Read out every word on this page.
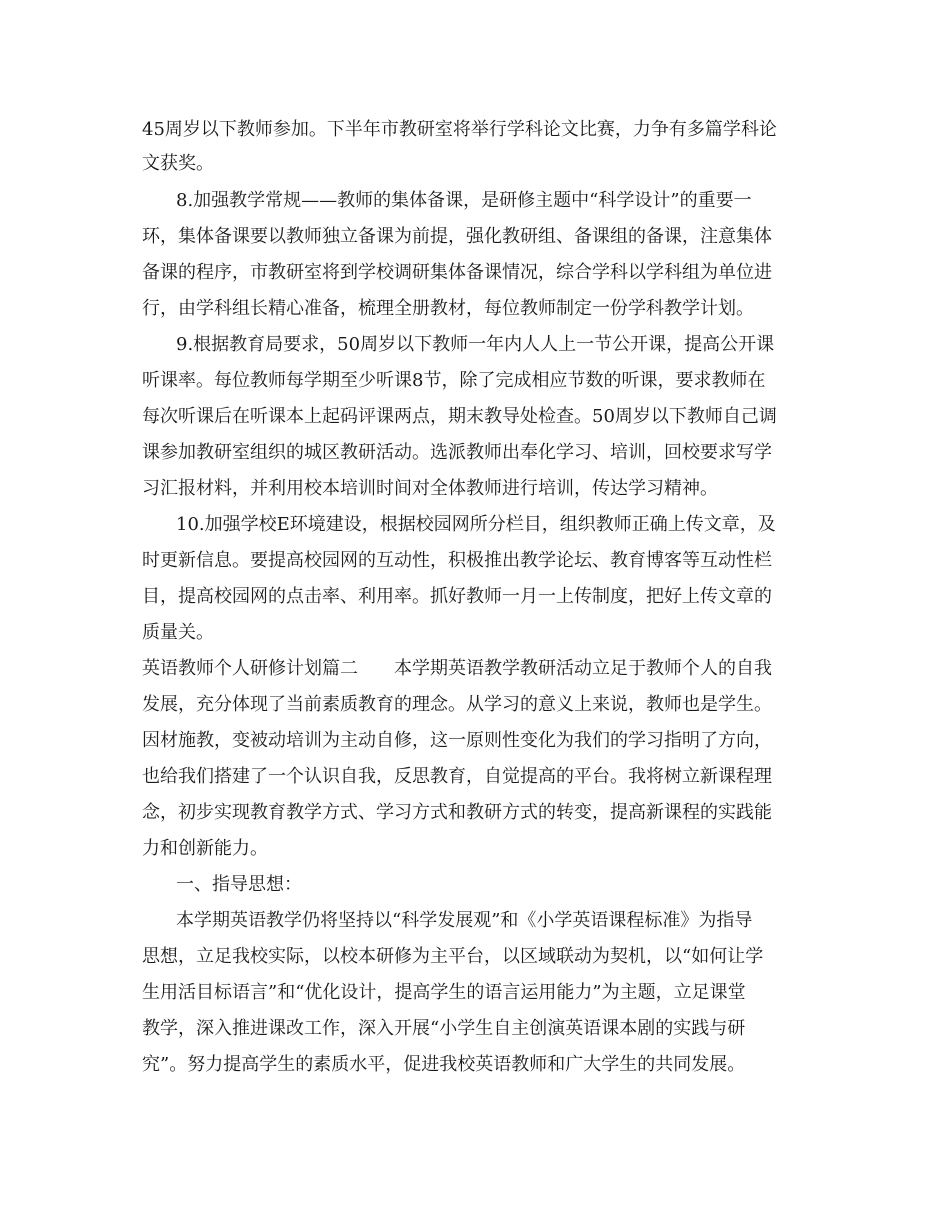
45周岁以下教师参加。下半年市教研室将举行学科论文比赛，力争有多篇学科论
文获奖。
8.加强教学常规——教师的集体备课，是研修主题中“科学设计”的重要一
环，集体备课要以教师独立备课为前提，强化教研组、备课组的备课，注意集体
备课的程序，市教研室将到学校调研集体备课情况，综合学科以学科组为单位进
行，由学科组长精心准备，梳理全册教材，每位教师制定一份学科教学计划。
9.根据教育局要求，50周岁以下教师一年内人人上一节公开课，提高公开课
听课率。每位教师每学期至少听课8节，除了完成相应节数的听课，要求教师在
每次听课后在听课本上起码评课两点，期末教导处检查。50周岁以下教师自己调
课参加教研室组织的城区教研活动。选派教师出奉化学习、培训，回校要求写学
习汇报材料，并利用校本培训时间对全体教师进行培训，传达学习精神。
10.加强学校E环境建设，根据校园网所分栏目，组织教师正确上传文章，及
时更新信息。要提高校园网的互动性，积极推出教学论坛、教育博客等互动性栏
目，提高校园网的点击率、利用率。抓好教师一月一上传制度，把好上传文章的
质量关。
英语教师个人研修计划篇二 本学期英语教学教研活动立足于教师个人的自我
发展，充分体现了当前素质教育的理念。从学习的意义上来说，教师也是学生。
因材施教，变被动培训为主动自修，这一原则性变化为我们的学习指明了方向，
也给我们搭建了一个认识自我，反思教育，自觉提高的平台。我将树立新课程理
念，初步实现教育教学方式、学习方式和教研方式的转变，提高新课程的实践能
力和创新能力。
一、指导思想：
本学期英语教学仍将坚持以“科学发展观”和《小学英语课程标准》为指导
思想，立足我校实际，以校本研修为主平台，以区域联动为契机，以“如何让学
生用活目标语言”和“优化设计，提高学生的语言运用能力”为主题，立足课堂
教学，深入推进课改工作，深入开展“小学生自主创演英语课本剧的实践与研
究”。努力提高学生的素质水平，促进我校英语教师和广大学生的共同发展。
